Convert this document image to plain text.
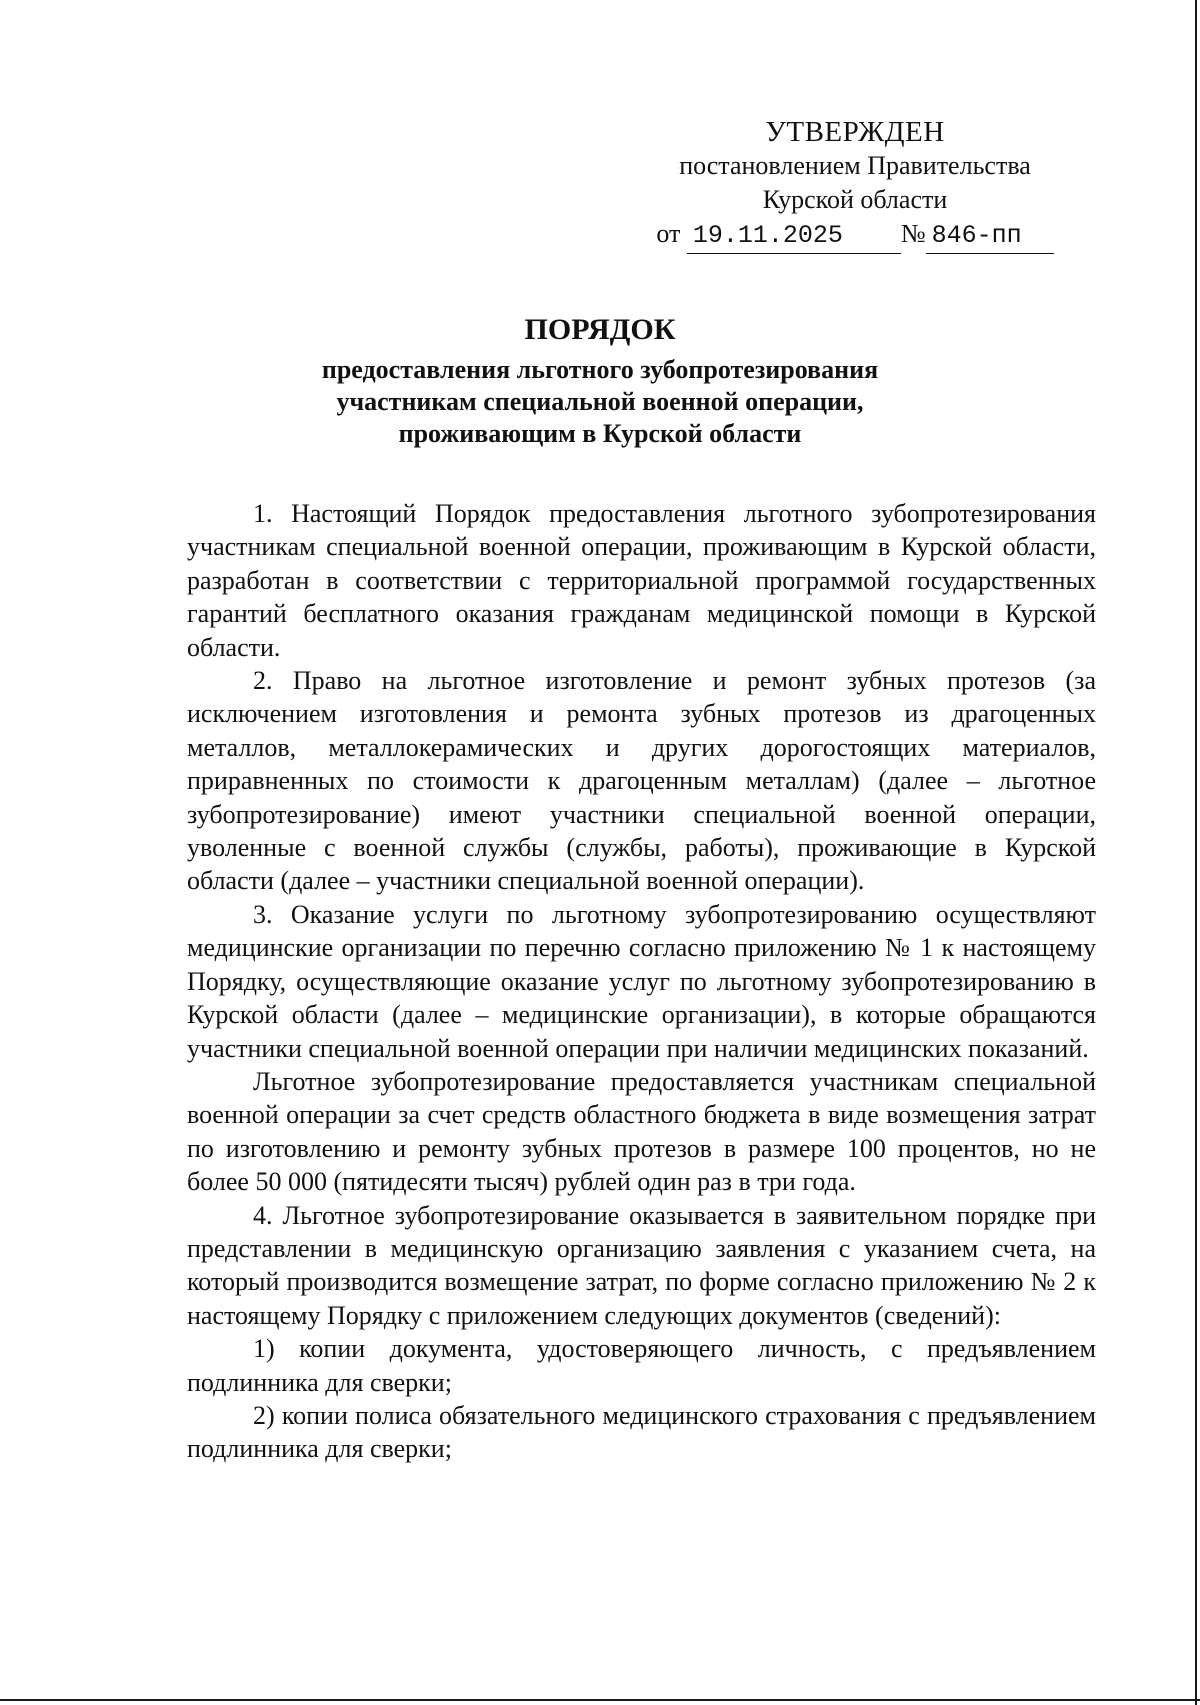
УТВЕРЖДЕН
постановлением Правительства
Курской области
от
19.11.2025	№ 846-пп
ПОРЯДОК
предоставления льготного зубопротезирования
участникам специальной военной операции,
проживающим в Курской области

1. Настоящий Порядок предоставления льготного зубопротезирования участникам специальной военной операции, проживающим в Курской области, разработан в соответствии с территориальной программой государственных гарантий бесплатного оказания гражданам медицинской помощи в Курской области.

2. Право на льготное изготовление и ремонт зубных протезов (за исключением изготовления и ремонта зубных протезов из драгоценных металлов, металлокерамических и других дорогостоящих материалов, приравненных по стоимости к драгоценным металлам) (далее – льготное зубопротезирование) имеют участники специальной военной операции, уволенные с военной службы (службы, работы), проживающие в Курской области (далее – участники специальной военной операции).

3. Оказание услуги по льготному зубопротезированию осуществляют медицинские организации по перечню согласно приложению № 1 к настоящему Порядку, осуществляющие оказание услуг по льготному зубопротезированию в Курской области (далее – медицинские организации), в которые обращаются участники специальной военной операции при наличии медицинских показаний.

Льготное зубопротезирование предоставляется участникам специальной военной операции за счет средств областного бюджета в виде возмещения затрат по изготовлению и ремонту зубных протезов в размере 100 процентов, но не более 50 000 (пятидесяти тысяч) рублей один раз в три года.

4. Льготное зубопротезирование оказывается в заявительном порядке при представлении в медицинскую организацию заявления с указанием счета, на который производится возмещение затрат, по форме согласно приложению № 2 к настоящему Порядку с приложением следующих документов (сведений):

1) копии документа, удостоверяющего личность, с предъявлением подлинника для сверки;

2) копии полиса обязательного медицинского страхования с предъявлением подлинника для сверки;
